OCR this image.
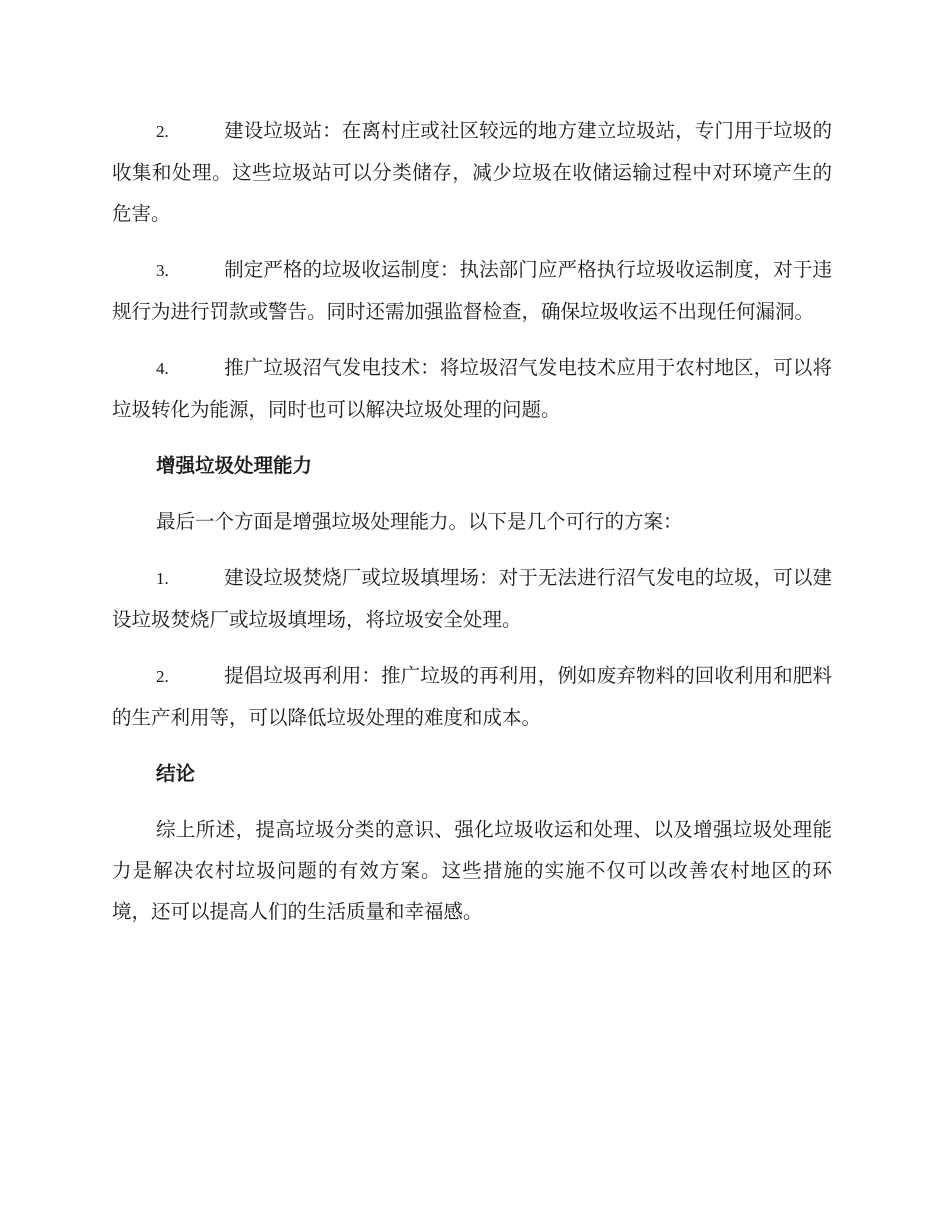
2.	建设垃圾站：在离村庄或社区较远的地方建立垃圾站，专门用于垃圾的收集和处理。这些垃圾站可以分类储存，减少垃圾在收储运输过程中对环境产生的危害。
3.	制定严格的垃圾收运制度：执法部门应严格执行垃圾收运制度，对于违规行为进行罚款或警告。同时还需加强监督检查，确保垃圾收运不出现任何漏洞。
4.	推广垃圾沼气发电技术：将垃圾沼气发电技术应用于农村地区，可以将垃圾转化为能源，同时也可以解决垃圾处理的问题。
增强垃圾处理能力
最后一个方面是增强垃圾处理能力。以下是几个可行的方案：
1.	建设垃圾焚烧厂或垃圾填埋场：对于无法进行沼气发电的垃圾，可以建设垃圾焚烧厂或垃圾填埋场，将垃圾安全处理。
2.	提倡垃圾再利用：推广垃圾的再利用，例如废弃物料的回收利用和肥料的生产利用等，可以降低垃圾处理的难度和成本。
结论
综上所述，提高垃圾分类的意识、强化垃圾收运和处理、以及增强垃圾处理能力是解决农村垃圾问题的有效方案。这些措施的实施不仅可以改善农村地区的环境，还可以提高人们的生活质量和幸福感。
